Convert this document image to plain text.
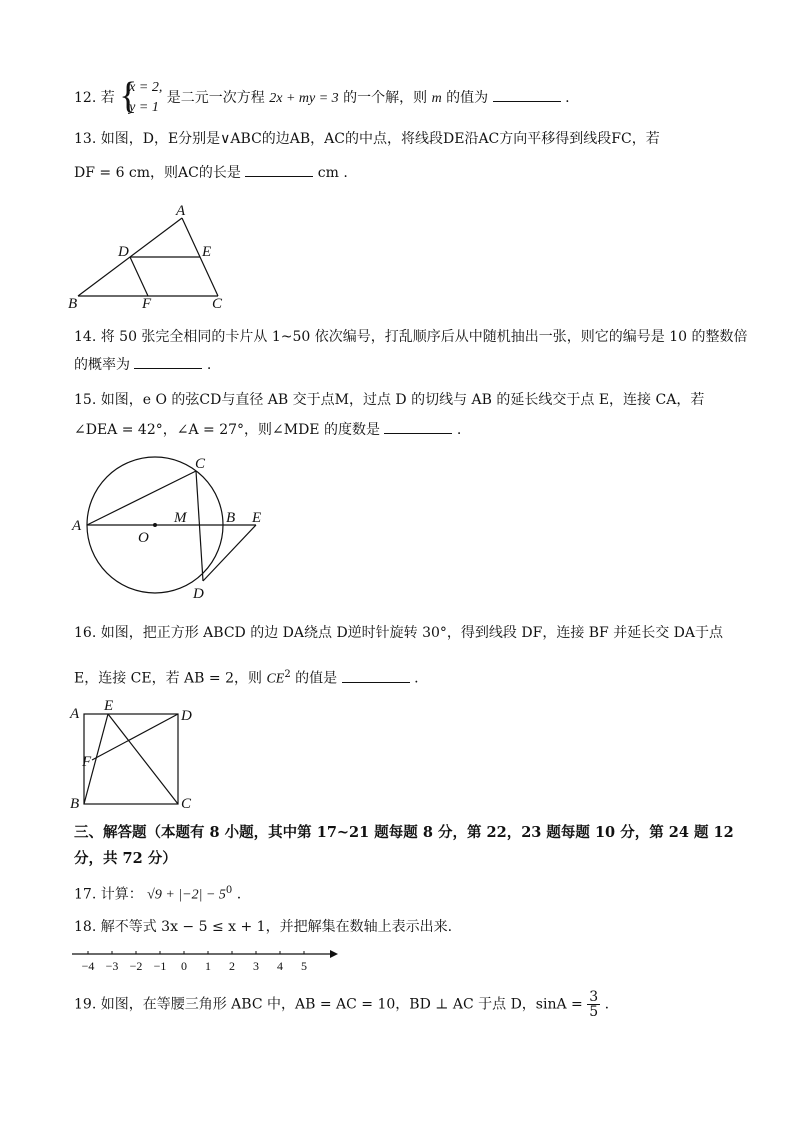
12. 若 {
x = 2,
y = 1
是二元一次方程 2x + my = 3 的一个解，则 m 的值为	.
13. 如图，D，E分别是∨ABC的边AB，AC的中点，将线段DE沿AC方向平移得到线段FC，若
DF = 6 cm，则AC的长是	cm .
A
B	C
D	E
F
14. 将 50 张完全相同的卡片从 1~50 依次编号，打乱顺序后从中随机抽出一张，则它的编号是 10 的整数倍
的概率为	.
15. 如图，e O 的弦CD与直径 AB 交于点M，过点 D 的切线与 AB 的延长线交于点 E，连接 CA，若
∠DEA = 42°，∠A = 27°，则∠MDE 的度数是	.
A	B
C
D
E
M
O
16. 如图，把正方形 ABCD 的边 DA绕点 D逆时针旋转 30°，得到线段 DF，连接 BF 并延长交 DA于点
E，连接 CE，若 AB = 2，则 $CE^2$ 的值是	.
A
B	C
D
E
F
三、解答题（本题有 8 小题，其中第 17~21 题每题 8 分，第 22，23 题每题 10 分，第 24 题 12
分，共 72 分）
17. 计算： $√9 + |-2| - 5^0$ .
18. 解不等式 3x − 5 ≤ x + 1，并把解集在数轴上表示出来.
−4 −3 −2 −1 0 1 2 3 4 5
19. 如图，在等腰三角形 ABC 中，AB = AC = 10，BD ⊥ AC 于点 D，$\sin A = \frac{3}{5}$ .
